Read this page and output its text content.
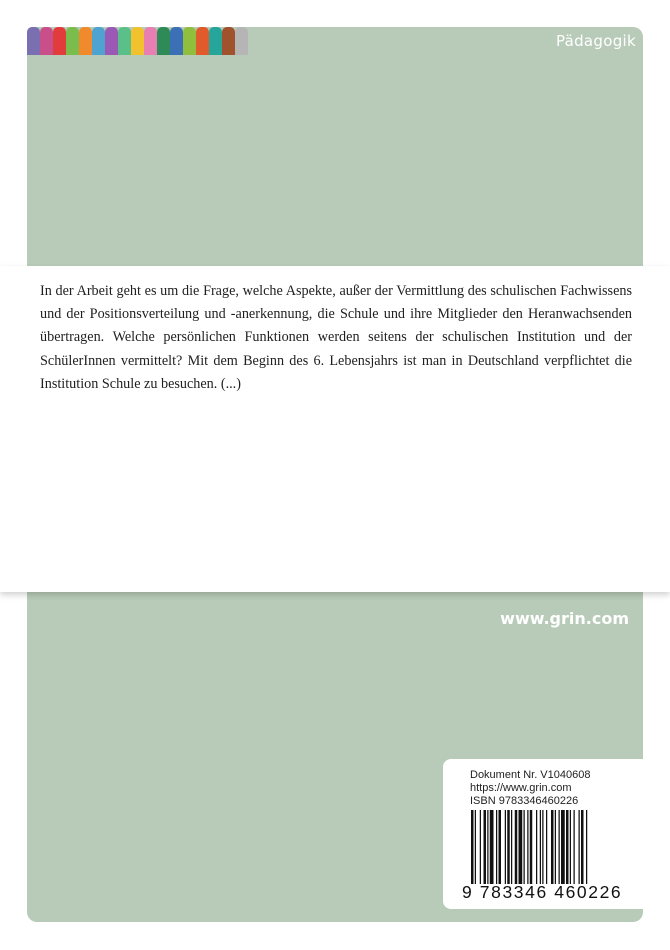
Pädagogik

In der Arbeit geht es um die Frage, welche Aspekte, außer der Vermittlung des schulischen Fachwissens und der Positionsverteilung und -anerkennung, die Schule und ihre Mitglieder den Heranwachsenden übertragen. Welche persönlichen Funktionen werden seitens der schulischen Institution und der SchülerInnen vermittelt? Mit dem Beginn des 6. Lebensjahrs ist man in Deutschland verpflichtet die Institution Schule zu besuchen. (...)

www.grin.com
Dokument Nr. V1040608
https://www.grin.com
ISBN 9783346460226
9 783346 460226
